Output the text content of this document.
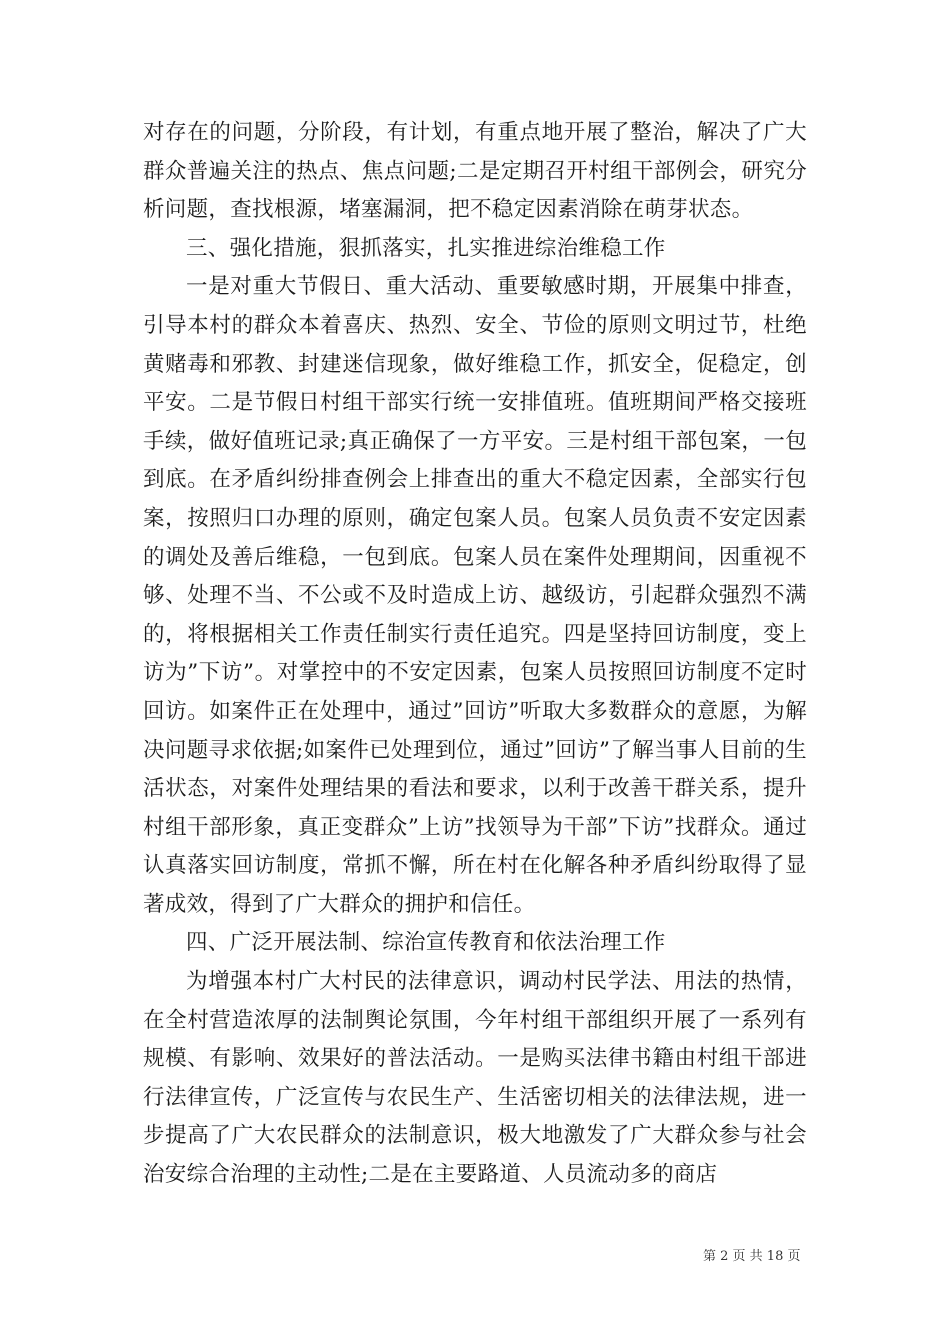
对存在的问题，分阶段，有计划，有重点地开展了整治，解决了广大群众普遍关注的热点、焦点问题;二是定期召开村组干部例会，研究分析问题，查找根源，堵塞漏洞，把不稳定因素消除在萌芽状态。

三、强化措施，狠抓落实，扎实推进综治维稳工作

一是对重大节假日、重大活动、重要敏感时期，开展集中排查，引导本村的群众本着喜庆、热烈、安全、节俭的原则文明过节，杜绝黄赌毒和邪教、封建迷信现象，做好维稳工作，抓安全，促稳定，创平安。二是节假日村组干部实行统一安排值班。值班期间严格交接班手续，做好值班记录;真正确保了一方平安。三是村组干部包案，一包到底。在矛盾纠纷排查例会上排查出的重大不稳定因素，全部实行包案，按照归口办理的原则，确定包案人员。包案人员负责不安定因素的调处及善后维稳，一包到底。包案人员在案件处理期间，因重视不够、处理不当、不公或不及时造成上访、越级访，引起群众强烈不满的，将根据相关工作责任制实行责任追究。四是坚持回访制度，变上访为”下访”。对掌控中的不安定因素，包案人员按照回访制度不定时回访。如案件正在处理中，通过”回访”听取大多数群众的意愿，为解决问题寻求依据;如案件已处理到位，通过”回访”了解当事人目前的生活状态，对案件处理结果的看法和要求，以利于改善干群关系，提升村组干部形象，真正变群众”上访”找领导为干部”下访”找群众。通过认真落实回访制度，常抓不懈，所在村在化解各种矛盾纠纷取得了显著成效，得到了广大群众的拥护和信任。

四、广泛开展法制、综治宣传教育和依法治理工作

为增强本村广大村民的法律意识，调动村民学法、用法的热情，在全村营造浓厚的法制舆论氛围，今年村组干部组织开展了一系列有规模、有影响、效果好的普法活动。一是购买法律书籍由村组干部进行法律宣传，广泛宣传与农民生产、生活密切相关的法律法规，进一步提高了广大农民群众的法制意识，极大地激发了广大群众参与社会治安综合治理的主动性;二是在主要路道、人员流动多的商店

第 2 页 共 18 页
